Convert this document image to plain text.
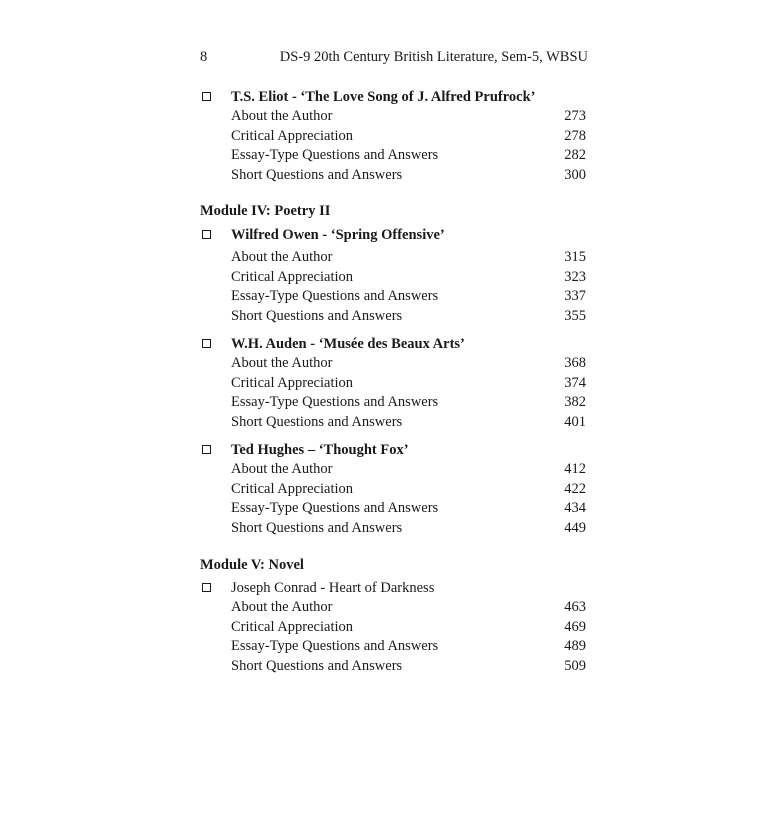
8	DS-9 20th Century British Literature, Sem-5, WBSU
T.S. Eliot - ‘The Love Song of J. Alfred Prufrock’
About the Author	273
Critical Appreciation	278
Essay-Type Questions and Answers	282
Short Questions and Answers	300
Module IV: Poetry II
Wilfred Owen - ‘Spring Offensive’
About the Author	315
Critical Appreciation	323
Essay-Type Questions and Answers	337
Short Questions and Answers	355
W.H. Auden - ‘Musée des Beaux Arts’
About the Author	368
Critical Appreciation	374
Essay-Type Questions and Answers	382
Short Questions and Answers	401
Ted Hughes – ‘Thought Fox’
About the Author	412
Critical Appreciation	422
Essay-Type Questions and Answers	434
Short Questions and Answers	449
Module V: Novel
Joseph Conrad - Heart of Darkness
About the Author	463
Critical Appreciation	469
Essay-Type Questions and Answers	489
Short Questions and Answers	509
